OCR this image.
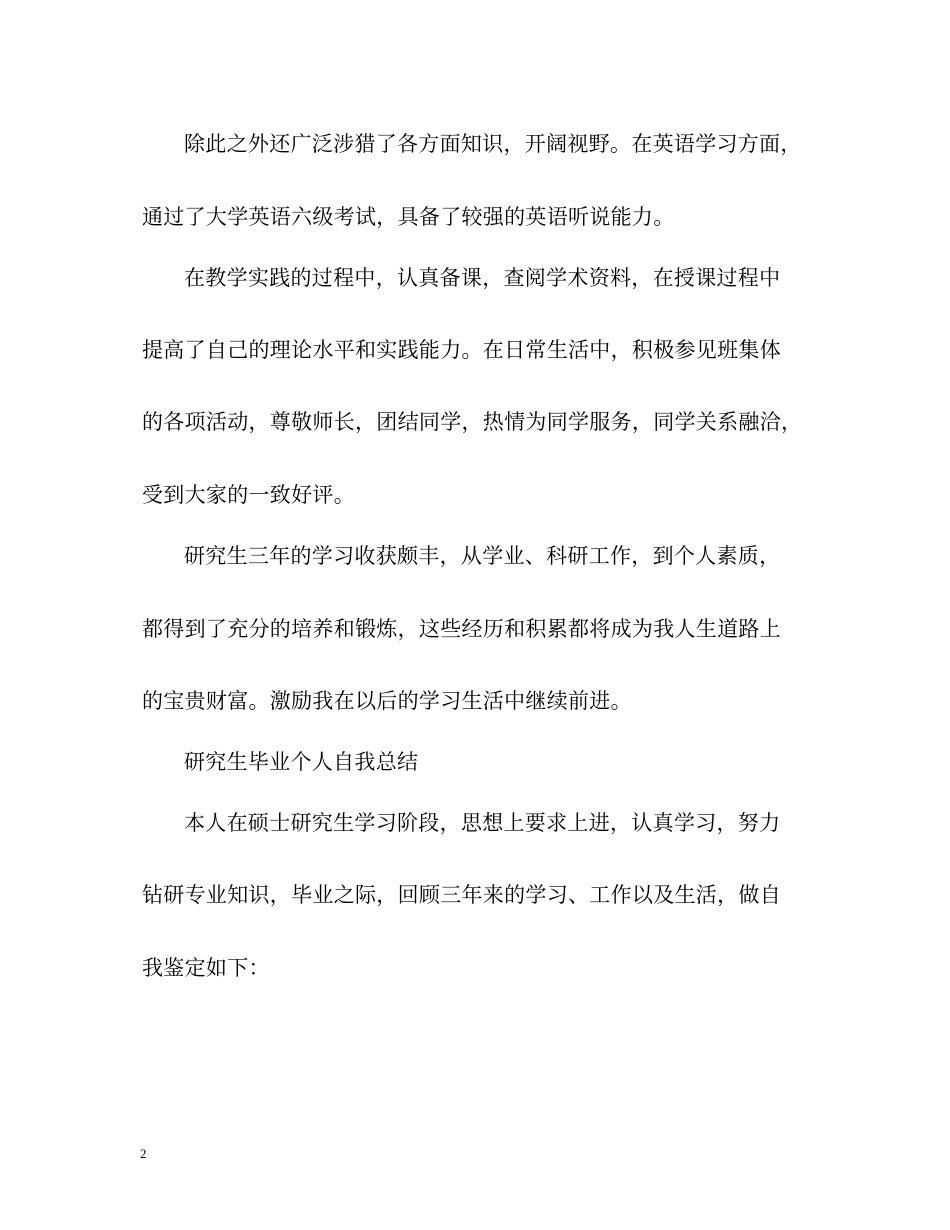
除此之外还广泛涉猎了各方面知识，开阔视野。在英语学习方面，
通过了大学英语六级考试，具备了较强的英语听说能力。
在教学实践的过程中，认真备课，查阅学术资料，在授课过程中
提高了自己的理论水平和实践能力。在日常生活中，积极参见班集体
的各项活动，尊敬师长，团结同学，热情为同学服务，同学关系融洽，
受到大家的一致好评。
研究生三年的学习收获颇丰，从学业、科研工作，到个人素质，
都得到了充分的培养和锻炼，这些经历和积累都将成为我人生道路上
的宝贵财富。激励我在以后的学习生活中继续前进。
研究生毕业个人自我总结
本人在硕士研究生学习阶段，思想上要求上进，认真学习，努力
钻研专业知识，毕业之际，回顾三年来的学习、工作以及生活，做自
我鉴定如下：
2
